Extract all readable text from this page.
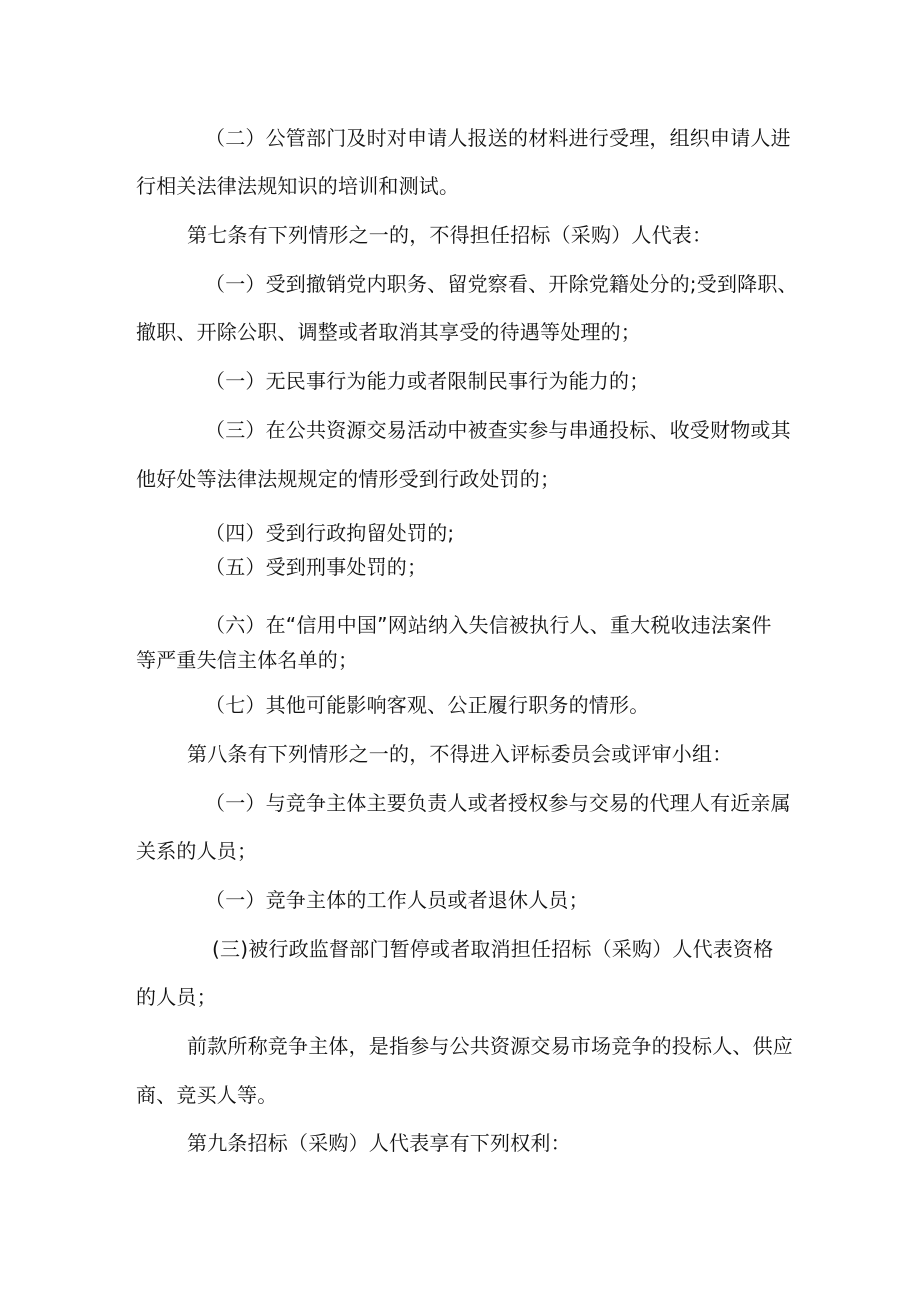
（二）公管部门及时对申请人报送的材料进行受理，组织申请人进
行相关法律法规知识的培训和测试。
第七条有下列情形之一的，不得担任招标（采购）人代表：
（一）受到撤销党内职务、留党察看、开除党籍处分的;受到降职、
撤职、开除公职、调整或者取消其享受的待遇等处理的；
（一）无民事行为能力或者限制民事行为能力的；
（三）在公共资源交易活动中被查实参与串通投标、收受财物或其
他好处等法律法规规定的情形受到行政处罚的；
（四）受到行政拘留处罚的;
（五）受到刑事处罚的；
（六）在“信用中国”网站纳入失信被执行人、重大税收违法案件
等严重失信主体名单的；
（七）其他可能影响客观、公正履行职务的情形。
第八条有下列情形之一的，不得进入评标委员会或评审小组：
（一）与竞争主体主要负责人或者授权参与交易的代理人有近亲属
关系的人员；
（一）竞争主体的工作人员或者退休人员；
(三)被行政监督部门暂停或者取消担任招标（采购）人代表资格
的人员；
前款所称竞争主体，是指参与公共资源交易市场竞争的投标人、供应
商、竞买人等。
第九条招标（采购）人代表享有下列权利：
